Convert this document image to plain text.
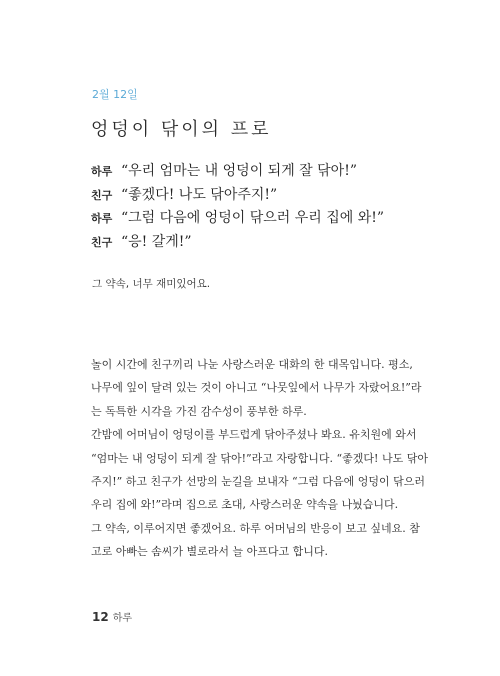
2월 12일
엉덩이 닦이의 프로
하루 “우리 엄마는 내 엉덩이 되게 잘 닦아!”
친구 “좋겠다! 나도 닦아주지!”
하루 “그럼 다음에 엉덩이 닦으러 우리 집에 와!”
친구 “응! 갈게!”
그 약속, 너무 재미있어요.
놀이 시간에 친구끼리 나눈 사랑스러운 대화의 한 대목입니다. 평소,
나무에 잎이 달려 있는 것이 아니고 “나뭇잎에서 나무가 자랐어요!”라
는 독특한 시각을 가진 감수성이 풍부한 하루.
간밤에 어머님이 엉덩이를 부드럽게 닦아주셨나 봐요. 유치원에 와서
“엄마는 내 엉덩이 되게 잘 닦아!”라고 자랑합니다. “좋겠다! 나도 닦아
주지!” 하고 친구가 선망의 눈길을 보내자 “그럼 다음에 엉덩이 닦으러
우리 집에 와!”라며 집으로 초대, 사랑스러운 약속을 나눴습니다.
그 약속, 이루어지면 좋겠어요. 하루 어머님의 반응이 보고 싶네요. 참
고로 아빠는 솜씨가 별로라서 늘 아프다고 합니다.
12 하루
